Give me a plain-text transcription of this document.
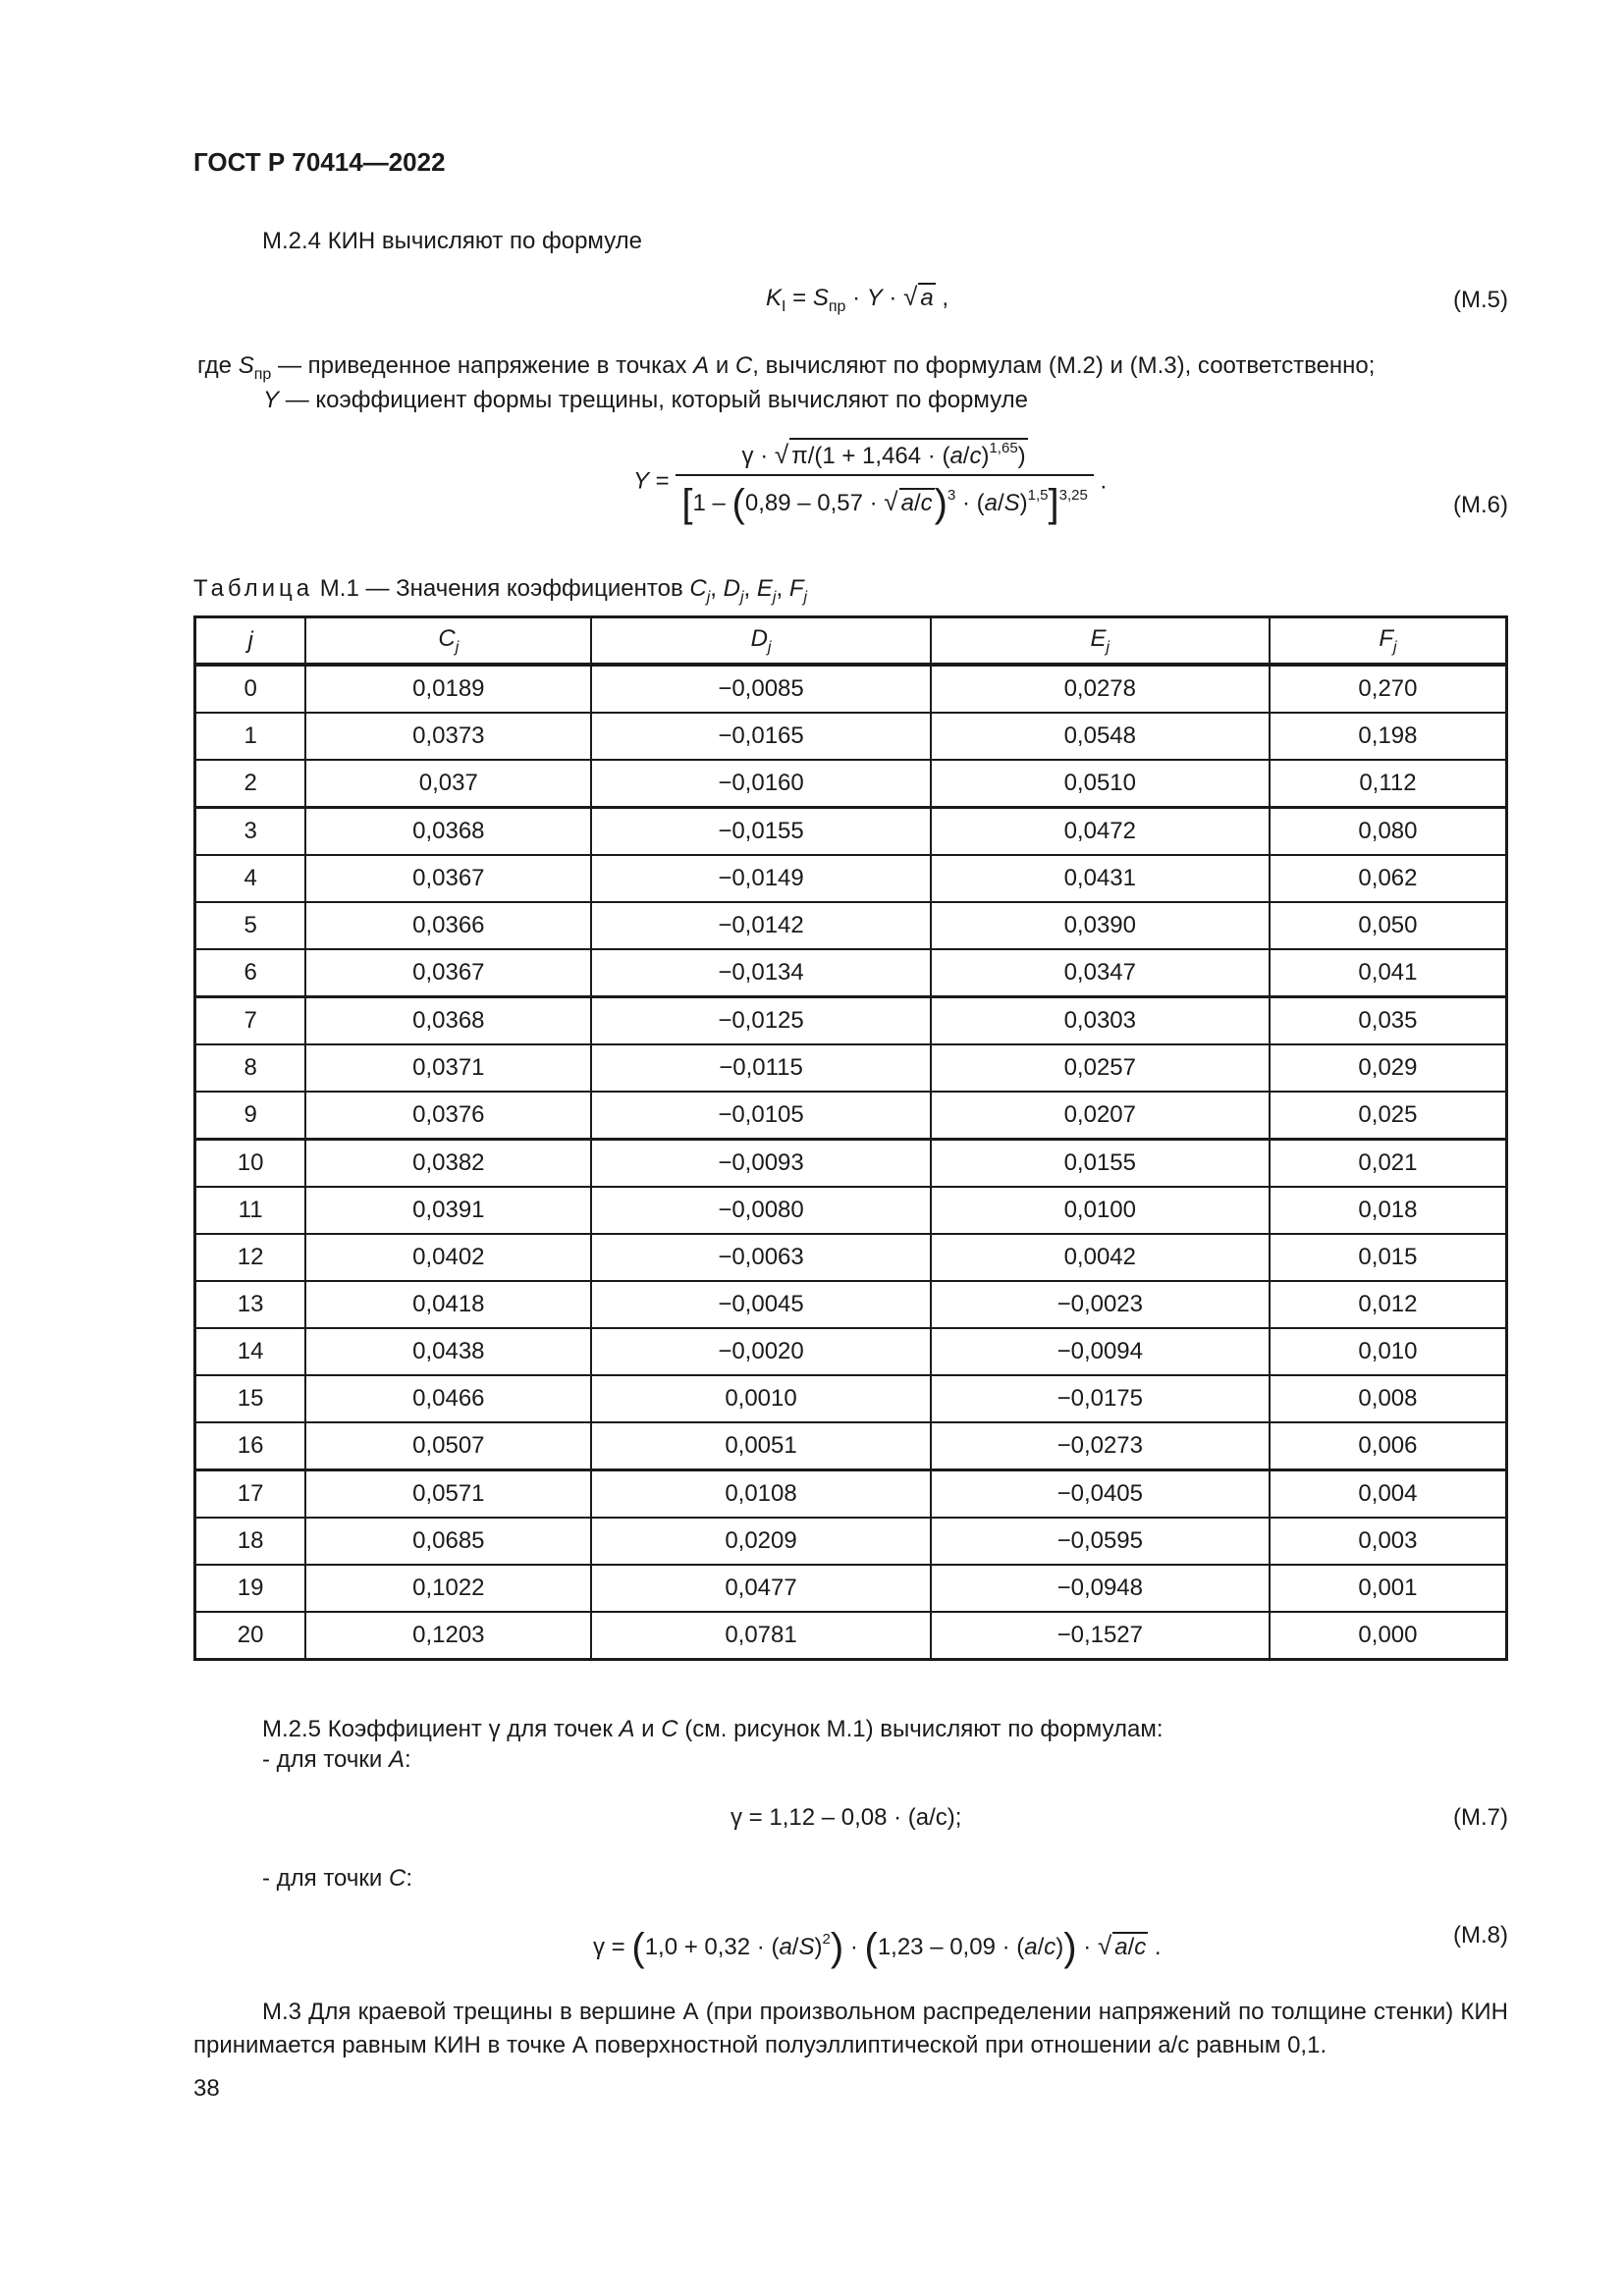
ГОСТ Р 70414—2022
М.2.4 КИН вычисляют по формуле
$K_I = S_{пр} \cdot Y$ · √ a ,	(М.5)
где $S_{пр}$ — приведенное напряжение в точках A и C, вычисляют по формулам (М.2) и (М.3), соответственно;
Y — коэффициент формы трещины, который вычисляют по формуле
$Y = \frac{\gamma \cdot √ \pi/(1 + 1,464 \cdot (a/c)^{1,65})}{[1 - (0,89 - 0,57 \cdot √ a/c)^3 \cdot (a/S)^{1,5}]^{3,25}}$ .
(М.6)
Таблица М.1 — Значения коэффициентов $C_j$, $D_j$, $E_j$, $F_j$
j	$C_j$	$D_j$	$E_j$	$F_j$
0	0,0189	−0,0085	0,0278	0,270
1	0,0373	−0,0165	0,0548	0,198
2	0,037	−0,0160	0,0510	0,112
3	0,0368	−0,0155	0,0472	0,080
4	0,0367	−0,0149	0,0431	0,062
5	0,0366	−0,0142	0,0390	0,050
6	0,0367	−0,0134	0,0347	0,041
7	0,0368	−0,0125	0,0303	0,035
8	0,0371	−0,0115	0,0257	0,029
9	0,0376	−0,0105	0,0207	0,025
10	0,0382	−0,0093	0,0155	0,021
11	0,0391	−0,0080	0,0100	0,018
12	0,0402	−0,0063	0,0042	0,015
13	0,0418	−0,0045	−0,0023	0,012
14	0,0438	−0,0020	−0,0094	0,010
15	0,0466	0,0010	−0,0175	0,008
16	0,0507	0,0051	−0,0273	0,006
17	0,0571	0,0108	−0,0405	0,004
18	0,0685	0,0209	−0,0595	0,003
19	0,1022	0,0477	−0,0948	0,001
20	0,1203	0,0781	−0,1527	0,000
М.2.5 Коэффициент γ для точек A и C (см. рисунок М.1) вычисляют по формулам:
- для точки A:
γ = 1,12 – 0,08 · (a/c);	(М.7)
- для точки C:
$\gamma = (1,0 + 0,32 \cdot (a/S)^2) \cdot (1,23 - 0,09 \cdot (a/c))$ · √ a/c .	(М.8)
М.3 Для краевой трещины в вершине А (при произвольном распределении напряжений по толщине стенки) КИН принимается равным КИН в точке А поверхностной полуэллиптической при отношении a/c равным 0,1.
38
